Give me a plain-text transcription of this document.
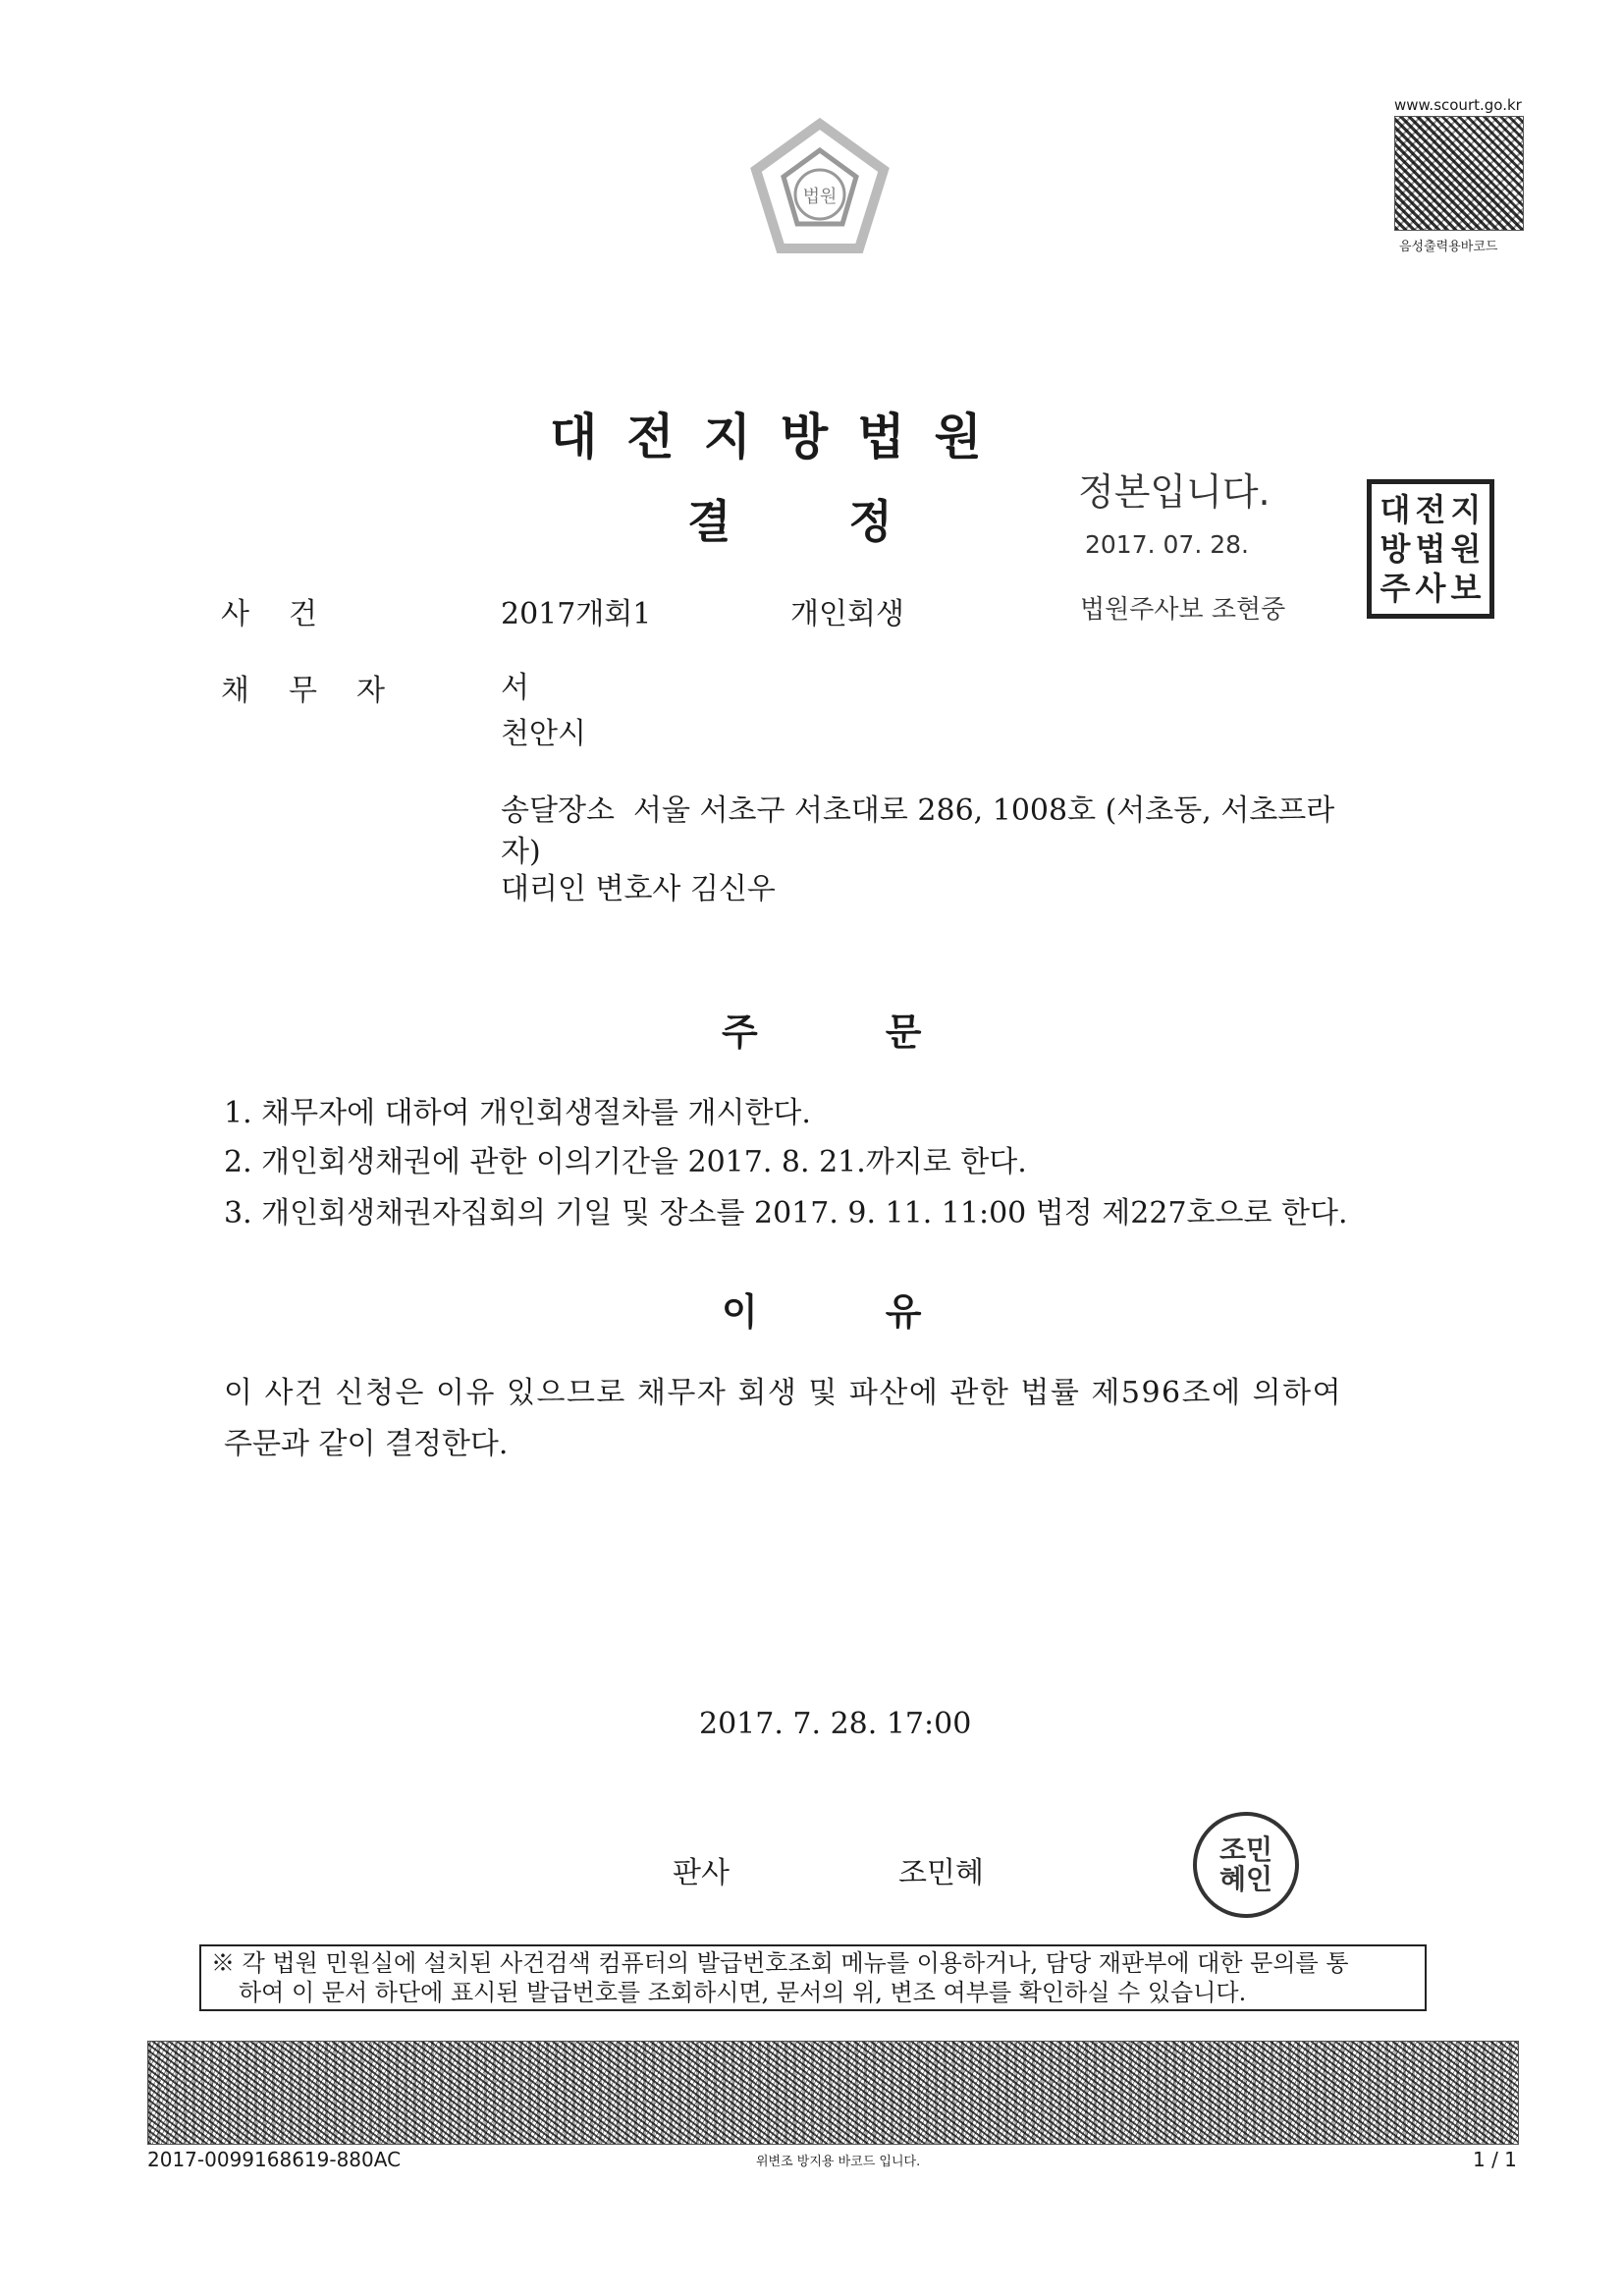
법원
www.scourt.go.kr
음성출력용바코드
대전지방법원
결정
정본입니다.
2017. 07. 28.
법원주사보 조현중
대 전 지
방 법 원
주 사 보
사건	2017개회1	개인회생
채무자	서
천안시
송달장소  서울 서초구 서초대로 286, 1008호 (서초동, 서초프라
자)
대리인 변호사 김신우
주문
1. 채무자에 대하여 개인회생절차를 개시한다.
2. 개인회생채권에 관한 이의기간을 2017. 8. 21.까지로 한다.
3. 개인회생채권자집회의 기일 및 장소를 2017. 9. 11. 11:00 법정 제227호으로 한다.
이유
이 사건 신청은 이유 있으므로 채무자 회생 및 파산에 관한 법률 제596조에 의하여
주문과 같이 결정한다.
2017. 7. 28. 17:00
판사	조민혜
조민혜인
※ 각 법원 민원실에 설치된 사건검색 컴퓨터의 발급번호조회 메뉴를 이용하거나, 담당 재판부에 대한 문의를 통
하여 이 문서 하단에 표시된 발급번호를 조회하시면, 문서의 위, 변조 여부를 확인하실 수 있습니다.
2017-0099168619-880AC	위변조 방지용 바코드 입니다.	1 / 1
